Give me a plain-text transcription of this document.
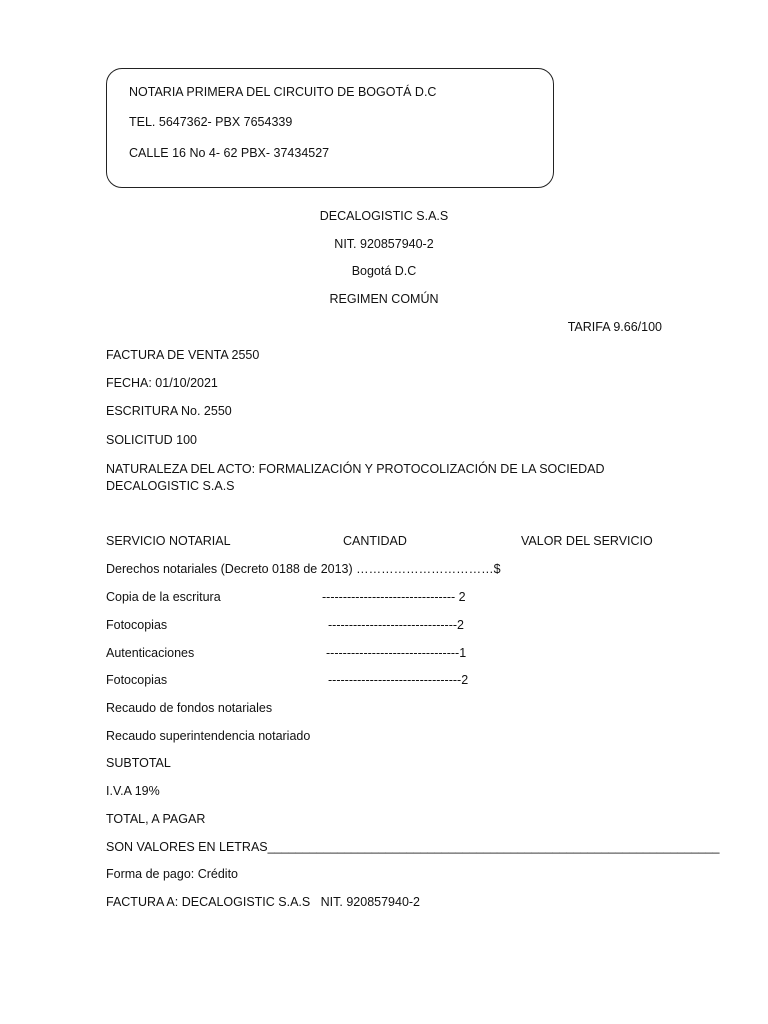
NOTARIA PRIMERA DEL CIRCUITO DE BOGOTÁ D.C
TEL. 5647362- PBX 7654339
CALLE 16 No 4- 62 PBX- 37434527
DECALOGISTIC S.A.S
NIT. 920857940-2
Bogotá D.C
REGIMEN COMÚN
TARIFA 9.66/100
FACTURA DE VENTA 2550
FECHA: 01/10/2021
ESCRITURA No. 2550
SOLICITUD 100
NATURALEZA DEL ACTO: FORMALIZACIÓN Y PROTOCOLIZACIÓN DE LA SOCIEDAD DECALOGISTIC S.A.S
SERVICIO NOTARIAL	CANTIDAD	VALOR DEL SERVICIO
Derechos notariales (Decreto 0188 de 2013) ……………………………$
Copia de la escritura	-------------------------------- 2
Fotocopias	-------------------------------2
Autenticaciones	--------------------------------1
Fotocopias	--------------------------------2
Recaudo de fondos notariales
Recaudo superintendencia notariado
SUBTOTAL
I.V.A 19%
TOTAL, A PAGAR
SON VALORES EN LETRAS_________________________________________________________________
Forma de pago: Crédito
FACTURA A: DECALOGISTIC S.A.S   NIT. 920857940-2
